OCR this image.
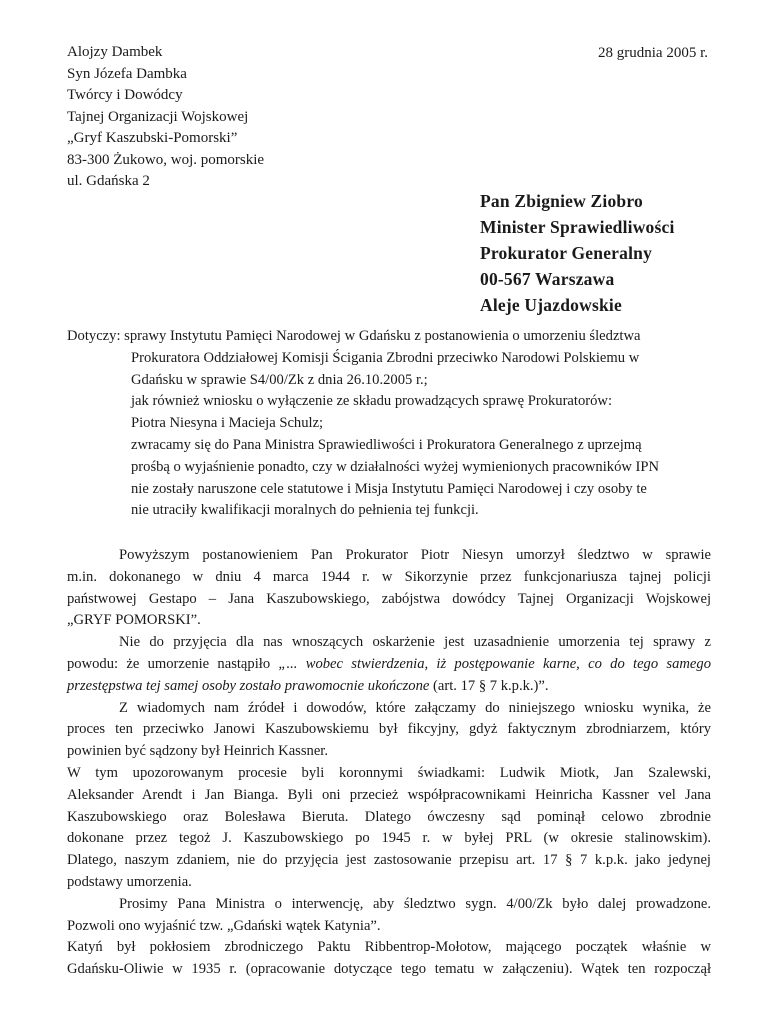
Alojzy Dambek
Syn Józefa Dambka
Twórcy i Dowódcy
Tajnej Organizacji Wojskowej
„Gryf Kaszubski-Pomorski”
83-300 Żukowo, woj. pomorskie
ul. Gdańska 2
28 grudnia 2005 r.
Pan Zbigniew Ziobro
Minister Sprawiedliwości
Prokurator Generalny
00-567 Warszawa
Aleje Ujazdowskie
Dotyczy: sprawy Instytutu Pamięci Narodowej w Gdańsku z postanowienia o umorzeniu śledztwa
Prokuratora Oddziałowej Komisji Ścigania Zbrodni przeciwko Narodowi Polskiemu w
Gdańsku w sprawie S4/00/Zk z dnia 26.10.2005 r.;
jak również wniosku o wyłączenie ze składu prowadzących sprawę Prokuratorów:
Piotra Niesyna i Macieja Schulz;
zwracamy się do Pana Ministra Sprawiedliwości i Prokuratora Generalnego z uprzejmą
prośbą o wyjaśnienie ponadto, czy w działalności wyżej wymienionych pracowników IPN
nie zostały naruszone cele statutowe i Misja Instytutu Pamięci Narodowej i czy osoby te
nie utraciły kwalifikacji moralnych do pełnienia tej funkcji.
Powyższym postanowieniem Pan Prokurator Piotr Niesyn umorzył śledztwo w sprawie
m.in. dokonanego w dniu 4 marca 1944 r. w Sikorzynie przez funkcjonariusza tajnej policji
państwowej Gestapo – Jana Kaszubowskiego, zabójstwa dowódcy Tajnej Organizacji Wojskowej
„GRYF POMORSKI”.
Nie do przyjęcia dla nas wnoszących oskarżenie jest uzasadnienie umorzenia tej sprawy z
powodu: że umorzenie nastąpiło „... wobec stwierdzenia, iż postępowanie karne, co do tego samego
przestępstwa tej samej osoby zostało prawomocnie ukończone (art. 17 § 7 k.p.k.)”.
Z wiadomych nam źródeł i dowodów, które załączamy do niniejszego wniosku wynika, że
proces ten przeciwko Janowi Kaszubowskiemu był fikcyjny, gdyż faktycznym zbrodniarzem, który
powinien być sądzony był Heinrich Kassner.
W tym upozorowanym procesie byli koronnymi świadkami: Ludwik Miotk, Jan Szalewski,
Aleksander Arendt i Jan Bianga. Byli oni przecież współpracownikami Heinricha Kassner vel Jana
Kaszubowskiego oraz Bolesława Bieruta. Dlatego ówczesny sąd pominął celowo zbrodnie
dokonane przez tegoż J. Kaszubowskiego po 1945 r. w byłej PRL (w okresie stalinowskim).
Dlatego, naszym zdaniem, nie do przyjęcia jest zastosowanie przepisu art. 17 § 7 k.p.k. jako jedynej
podstawy umorzenia.
Prosimy Pana Ministra o interwencję, aby śledztwo sygn. 4/00/Zk było dalej prowadzone.
Pozwoli ono wyjaśnić tzw. „Gdański wątek Katynia”.
Katyń był pokłosiem zbrodniczego Paktu Ribbentrop-Mołotow, mającego początek właśnie w
Gdańsku-Oliwie w 1935 r. (opracowanie dotyczące tego tematu w załączeniu). Wątek ten rozpoczął
